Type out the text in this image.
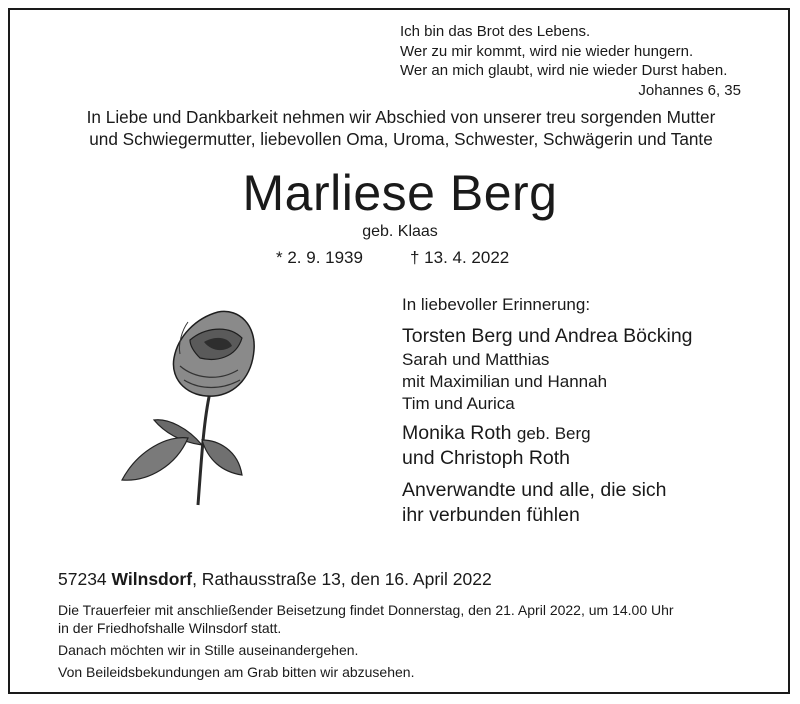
Ich bin das Brot des Lebens.
Wer zu mir kommt, wird nie wieder hungern.
Wer an mich glaubt, wird nie wieder Durst haben.
Johannes 6, 35
In Liebe und Dankbarkeit nehmen wir Abschied von unserer treu sorgenden Mutter
und Schwiegermutter, liebevollen Oma, Uroma, Schwester, Schwägerin und Tante
Marliese Berg
geb. Klaas
* 2. 9. 1939	† 13. 4. 2022
In liebevoller Erinnerung:
Torsten Berg und Andrea Böcking
Sarah und Matthias
mit Maximilian und Hannah
Tim und Aurica
Monika Roth geb. Berg
und Christoph Roth
Anverwandte und alle, die sich
ihr verbunden fühlen
57234 Wilnsdorf, Rathausstraße 13, den 16. April 2022

Die Trauerfeier mit anschließender Beisetzung findet Donnerstag, den 21. April 2022, um 14.00 Uhr
in der Friedhofshalle Wilnsdorf statt.

Danach möchten wir in Stille auseinandergehen.

Von Beileidsbekundungen am Grab bitten wir abzusehen.
